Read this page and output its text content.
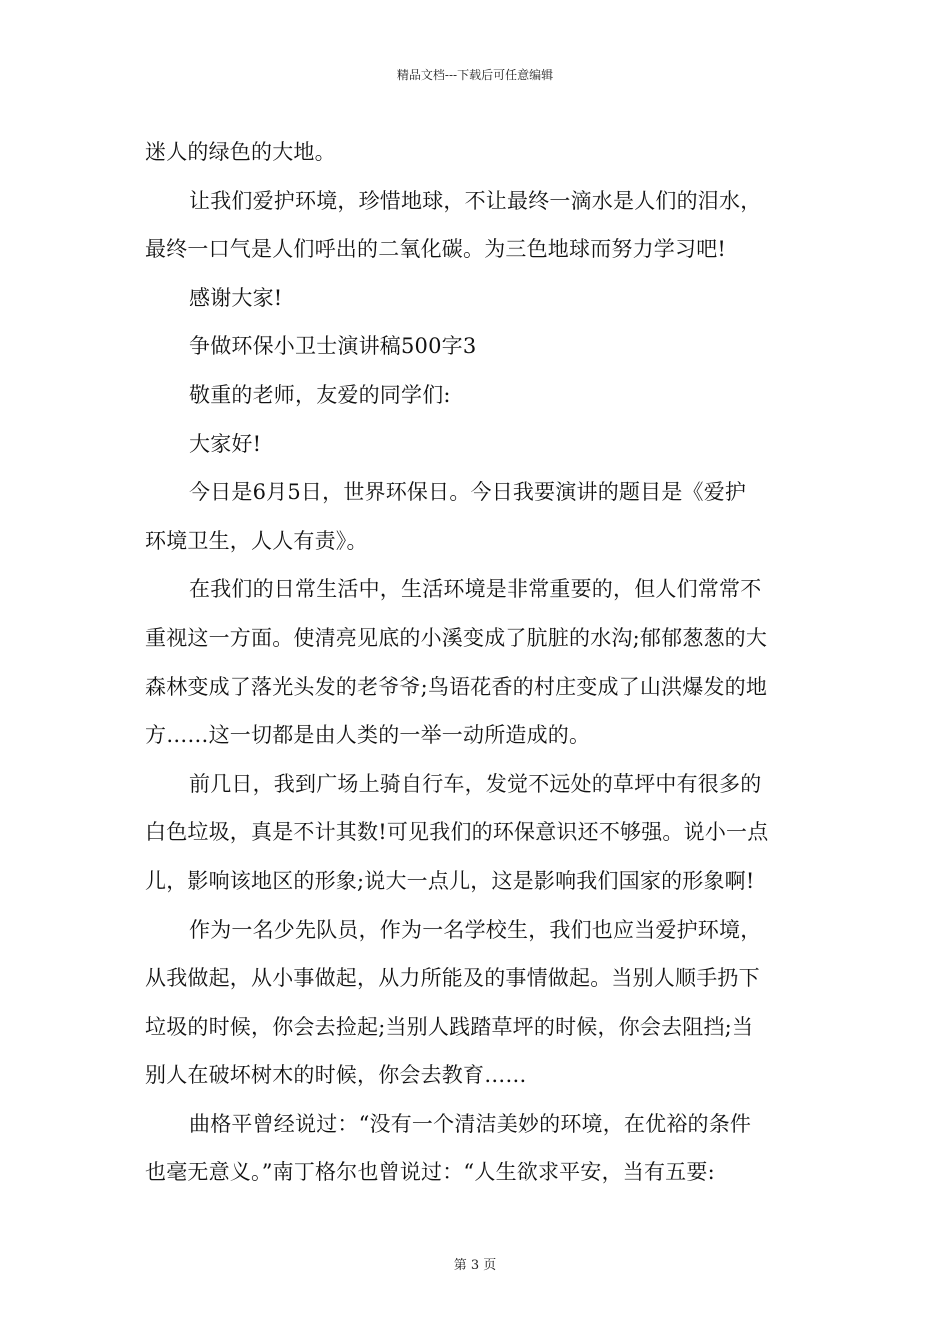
精品文档---下载后可任意编辑
迷人的绿色的大地。
让我们爱护环境，珍惜地球，不让最终一滴水是人们的泪水，
最终一口气是人们呼出的二氧化碳。为三色地球而努力学习吧!
感谢大家!
争做环保小卫士演讲稿500字3
敬重的老师，友爱的同学们:
大家好!
今日是6月5日，世界环保日。今日我要演讲的题目是《爱护
环境卫生，人人有责》。
在我们的日常生活中，生活环境是非常重要的，但人们常常不
重视这一方面。使清亮见底的小溪变成了肮脏的水沟;郁郁葱葱的大
森林变成了落光头发的老爷爷;鸟语花香的村庄变成了山洪爆发的地
方……这一切都是由人类的一举一动所造成的。
前几日，我到广场上骑自行车，发觉不远处的草坪中有很多的
白色垃圾，真是不计其数!可见我们的环保意识还不够强。说小一点
儿，影响该地区的形象;说大一点儿，这是影响我们国家的形象啊!
作为一名少先队员，作为一名学校生，我们也应当爱护环境，
从我做起，从小事做起，从力所能及的事情做起。当别人顺手扔下
垃圾的时候，你会去捡起;当别人践踏草坪的时候，你会去阻挡;当
别人在破坏树木的时候，你会去教育……
曲格平曾经说过：“没有一个清洁美妙的环境，在优裕的条件
也毫无意义。”南丁格尔也曾说过：“人生欲求平安，当有五要:
第 3 页
